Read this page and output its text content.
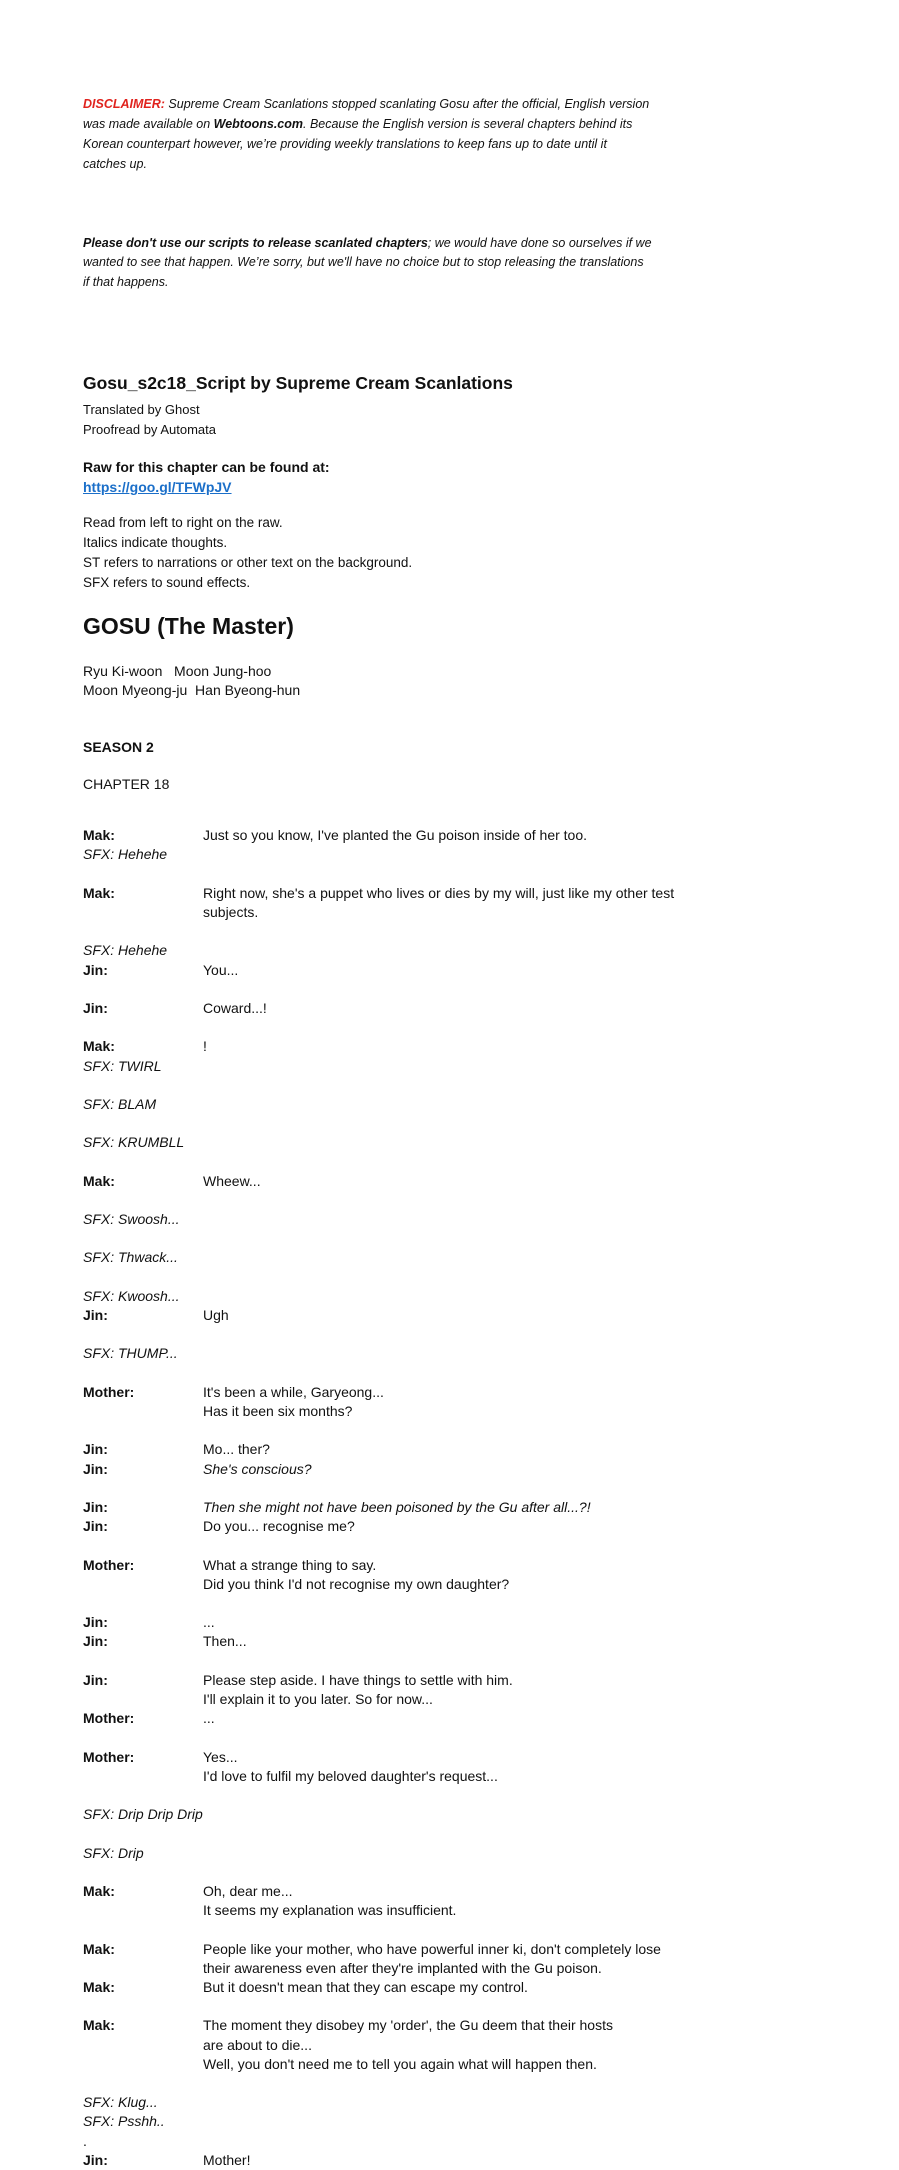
DISCLAIMER: Supreme Cream Scanlations stopped scanlating Gosu after the official, English version
was made available on Webtoons.com. Because the English version is several chapters behind its
Korean counterpart however, we’re providing weekly translations to keep fans up to date until it
catches up.

Please don't use our scripts to release scanlated chapters; we would have done so ourselves if we
wanted to see that happen. We’re sorry, but we'll have no choice but to stop releasing the translations
if that happens.

Gosu_s2c18_Script by Supreme Cream Scanlations
Translated by Ghost
Proofread by Automata
Raw for this chapter can be found at:
https://goo.gl/TFWpJV
Read from left to right on the raw.
Italics indicate thoughts.
ST refers to narrations or other text on the background.
SFX refers to sound effects.
GOSU (The Master)
Ryu Ki-woon   Moon Jung-hoo
Moon Myeong-ju  Han Byeong-hun
SEASON 2
CHAPTER 18
Mak:	Just so you know, I've planted the Gu poison inside of her too.
SFX: Hehehe
Mak:	Right now, she's a puppet who lives or dies by my will, just like my other test
subjects.
SFX: Hehehe
Jin:	You...
Jin:	Coward...!
Mak:	!
SFX: TWIRL
SFX: BLAM
SFX: KRUMBLL
Mak:	Wheew...
SFX: Swoosh...
SFX: Thwack...
SFX: Kwoosh...
Jin:	Ugh
SFX: THUMP...
Mother:	It's been a while, Garyeong...
Has it been six months?
Jin:	Mo... ther?
Jin:	She's conscious?
Jin:	Then she might not have been poisoned by the Gu after all...?!
Jin:	Do you... recognise me?
Mother:	What a strange thing to say.
Did you think I'd not recognise my own daughter?
Jin:	...
Jin:	Then...
Jin:	Please step aside. I have things to settle with him.
I'll explain it to you later. So for now...
Mother:	...
Mother:	Yes...
I'd love to fulfil my beloved daughter's request...
SFX: Drip Drip Drip
SFX: Drip
Mak:	Oh, dear me...
It seems my explanation was insufficient.
Mak:	People like your mother, who have powerful inner ki, don't completely lose
their awareness even after they're implanted with the Gu poison.
Mak:	But it doesn't mean that they can escape my control.
Mak:	The moment they disobey my 'order', the Gu deem that their hosts
are about to die...
Well, you don't need me to tell you again what will happen then.
SFX: Klug...
SFX: Psshh..
.
Jin:	Mother!
